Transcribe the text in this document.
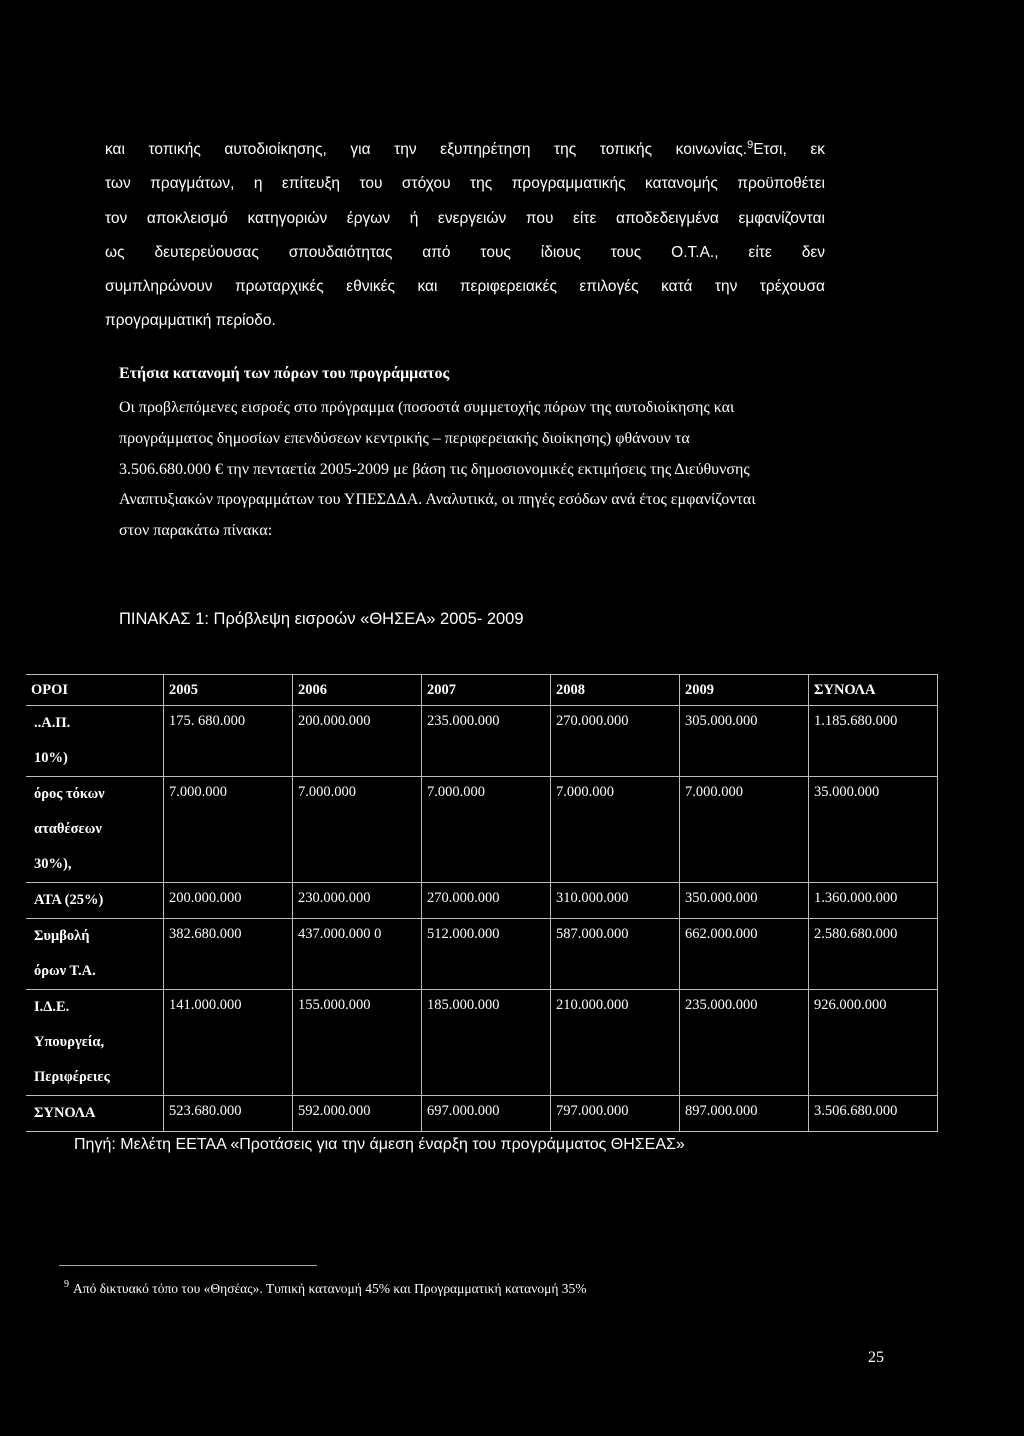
και τοπικής αυτοδιοίκησης, για την εξυπηρέτηση της τοπικής κοινωνίας.$^9$Ετσι, εκ
των πραγμάτων, η επίτευξη του στόχου της προγραμματικής κατανομής προϋποθέτει
τον αποκλεισμό κατηγοριών έργων ή ενεργειών που είτε αποδεδειγμένα εμφανίζονται
ως δευτερεύουσας σπουδαιότητας από τους ίδιους τους Ο.Τ.Α., είτε δεν
συμπληρώνουν πρωταρχικές εθνικές και περιφερειακές επιλογές κατά την τρέχουσα
προγραμματική περίοδο.
Ετήσια κατανομή των πόρων του προγράμματος
Οι προβλεπόμενες εισροές στο πρόγραμμα (ποσοστά συμμετοχής πόρων της αυτοδιοίκησης και
προγράμματος δημοσίων επενδύσεων κεντρικής – περιφερειακής διοίκησης) φθάνουν τα
3.506.680.000 € την πενταετία 2005-2009 με βάση τις δημοσιονομικές εκτιμήσεις της Διεύθυνσης
Αναπτυξιακών προγραμμάτων του ΥΠΕΣΔΔΑ. Αναλυτικά, οι πηγές εσόδων ανά έτος εμφανίζονται
στον παρακάτω πίνακα:
ΠΙΝΑΚΑΣ 1: Πρόβλεψη εισροών «ΘΗΣΕΑ» 2005- 2009
ΟΡΟΙ	2005	2006	2007	2008	2009	ΣΥΝΟΛΑ

..Α.Π.
10%)	175. 680.000	200.000.000	235.000.000	270.000.000	305.000.000	1.185.680.000

όρος τόκων
αταθέσεων
30%),	7.000.000	7.000.000	7.000.000	7.000.000	7.000.000	35.000.000

ΑΤΑ (25%)	200.000.000	230.000.000	270.000.000	310.000.000	350.000.000	1.360.000.000

Συμβολή
όρων Τ.Α.	382.680.000	437.000.000 0	512.000.000	587.000.000	662.000.000	2.580.680.000

Ι.Δ.Ε.
Υπουργεία,
Περιφέρειες	141.000.000	155.000.000	185.000.000	210.000.000	235.000.000	926.000.000

ΣΥΝΟΛΑ	523.680.000	592.000.000	697.000.000	797.000.000	897.000.000	3.506.680.000
Πηγή: Μελέτη ΕΕΤΑΑ «Προτάσεις για την άμεση έναρξη του προγράμματος ΘΗΣΕΑΣ»
$^9$ Από δικτυακό τόπο του «Θησέας». Τυπική κατανομή 45% και Προγραμματική κατανομή 35%
25
